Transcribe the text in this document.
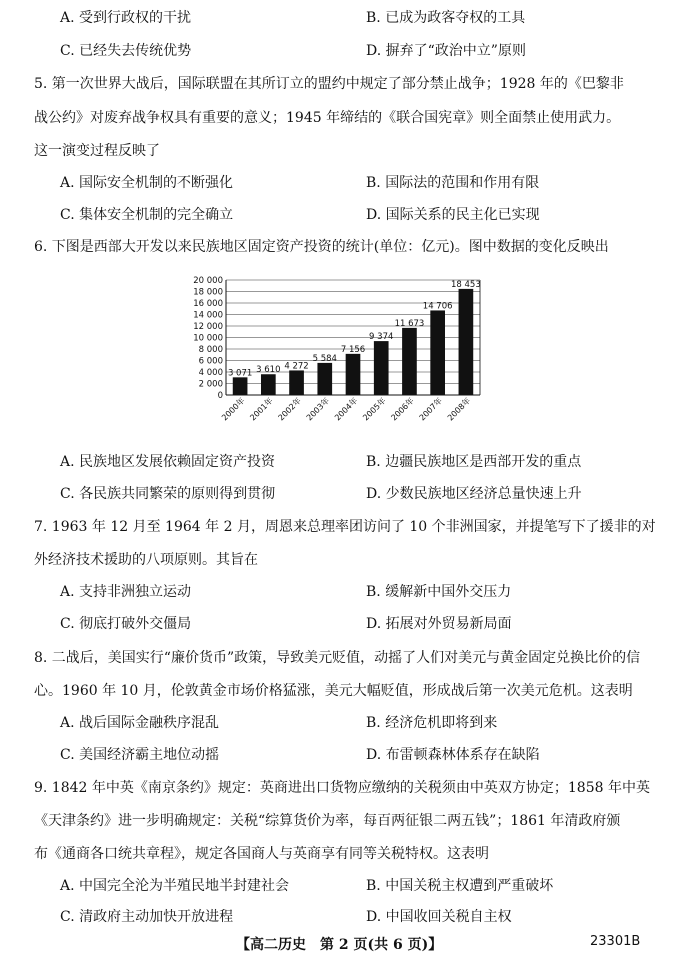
A. 受到行政权的干扰	B. 已成为政客夺权的工具
C. 已经失去传统优势	D. 摒弃了“政治中立”原则
5. 第一次世界大战后，国际联盟在其所订立的盟约中规定了部分禁止战争；1928 年的《巴黎非
战公约》对废弃战争权具有重要的意义；1945 年缔结的《联合国宪章》则全面禁止使用武力。
这一演变过程反映了
A. 国际安全机制的不断强化	B. 国际法的范围和作用有限
C. 集体安全机制的完全确立	D. 国际关系的民主化已实现
6. 下图是西部大开发以来民族地区固定资产投资的统计(单位：亿元)。图中数据的变化反映出
0
2 000
4 000
6 000
8 000
10 000
12 000
14 000
16 000
18 000
20 000
3 071 3 610 4 272
5 584
7 156
9 374
11 673
14 706
18 453
2000年 2001年 2002年 2003年 2004年 2005年 2006年 2007年 2008年
A. 民族地区发展依赖固定资产投资	B. 边疆民族地区是西部开发的重点
C. 各民族共同繁荣的原则得到贯彻	D. 少数民族地区经济总量快速上升
7. 1963 年 12 月至 1964 年 2 月，周恩来总理率团访问了 10 个非洲国家，并提笔写下了援非的对
外经济技术援助的八项原则。其旨在
A. 支持非洲独立运动	B. 缓解新中国外交压力
C. 彻底打破外交僵局	D. 拓展对外贸易新局面
8. 二战后，美国实行“廉价货币”政策，导致美元贬值，动摇了人们对美元与黄金固定兑换比价的信
心。1960 年 10 月，伦敦黄金市场价格猛涨，美元大幅贬值，形成战后第一次美元危机。这表明
A. 战后国际金融秩序混乱	B. 经济危机即将到来
C. 美国经济霸主地位动摇	D. 布雷顿森林体系存在缺陷
9. 1842 年中英《南京条约》规定：英商进出口货物应缴纳的关税须由中英双方协定；1858 年中英
《天津条约》进一步明确规定：关税“综算货价为率，每百两征银二两五钱”；1861 年清政府颁
布《通商各口统共章程》，规定各国商人与英商享有同等关税特权。这表明
A. 中国完全沦为半殖民地半封建社会	B. 中国关税主权遭到严重破坏
C. 清政府主动加快开放进程	D. 中国收回关税自主权
【高二历史　第 2 页(共 6 页)】	23301B
